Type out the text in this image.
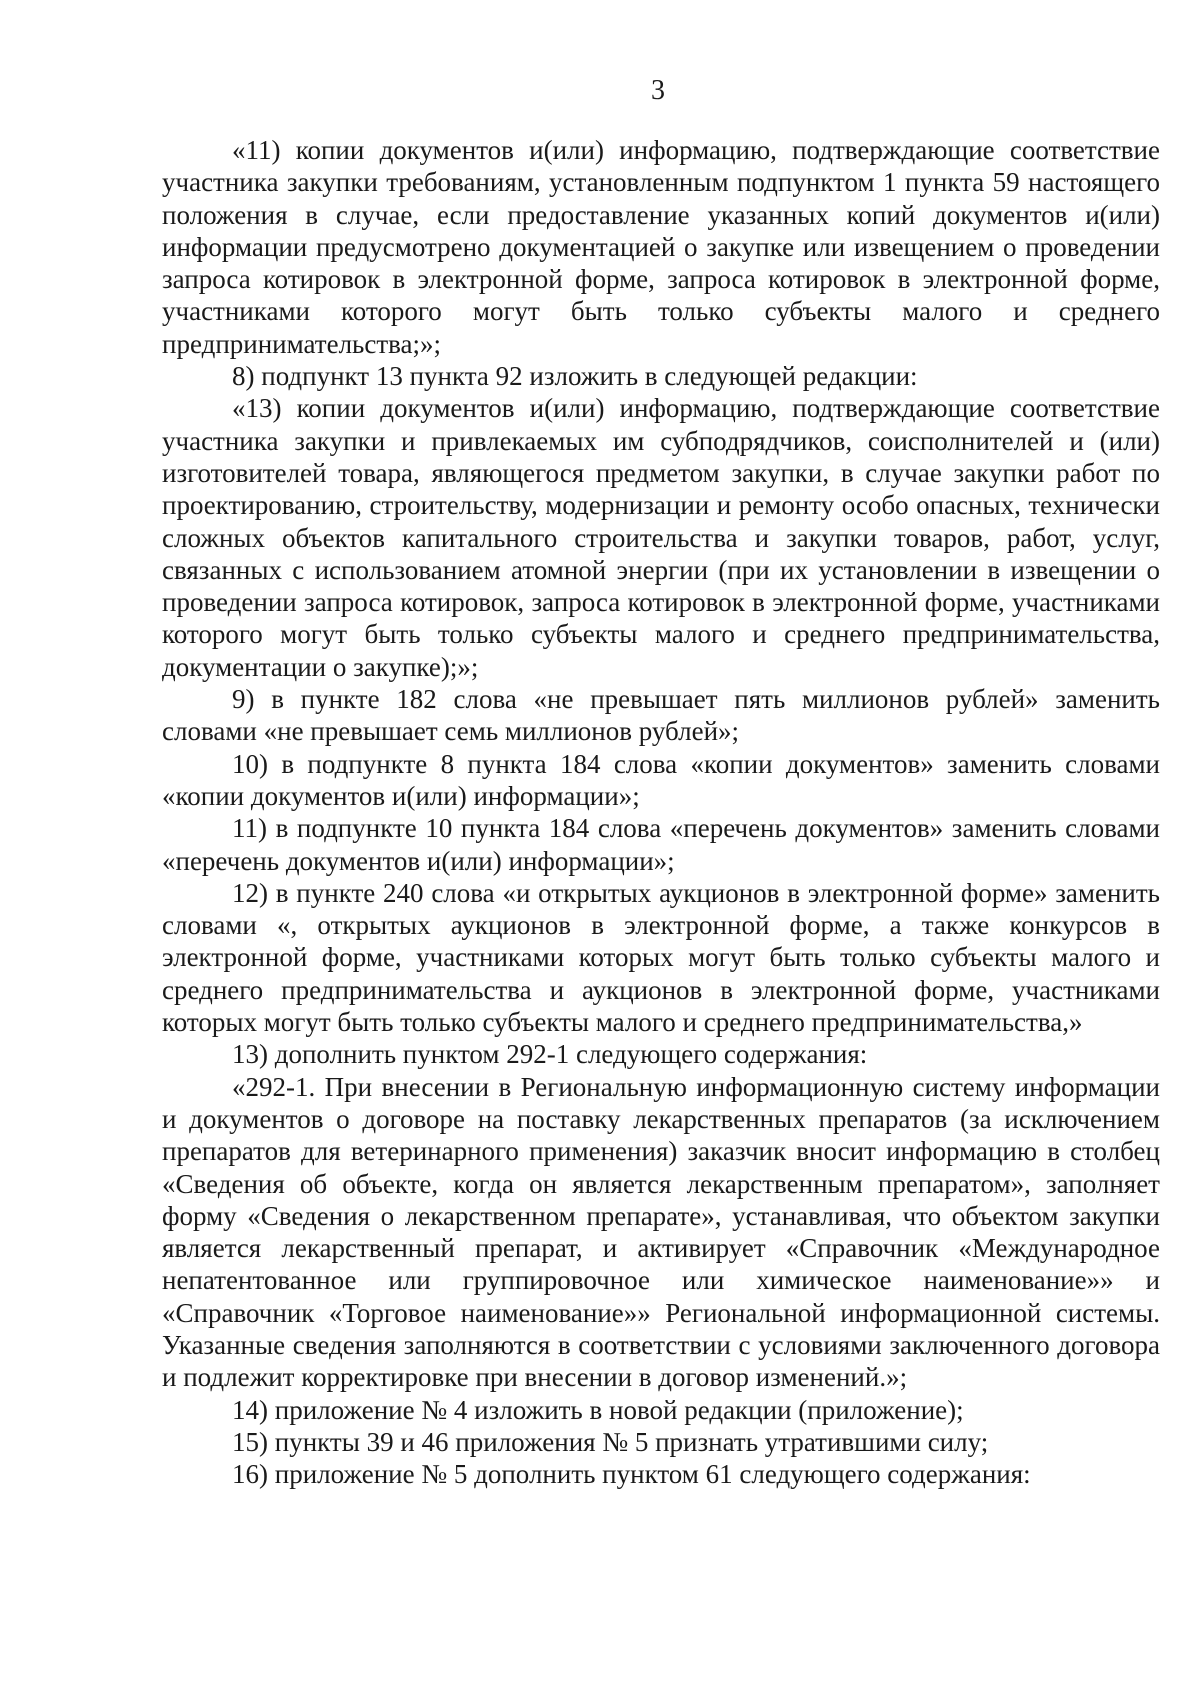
3

«11) копии документов и(или) информацию, подтверждающие соответствие участника закупки требованиям, установленным подпунктом 1 пункта 59 настоящего положения в случае, если предоставление указанных копий документов и(или) информации предусмотрено документацией о закупке или извещением о проведении запроса котировок в электронной форме, запроса котировок в электронной форме, участниками которого могут быть только субъекты малого и среднего предпринимательства;»;

8) подпункт 13 пункта 92 изложить в следующей редакции:

«13) копии документов и(или) информацию, подтверждающие соответствие участника закупки и привлекаемых им субподрядчиков, соисполнителей и (или) изготовителей товара, являющегося предметом закупки, в случае закупки работ по проектированию, строительству, модернизации и ремонту особо опасных, технически сложных объектов капитального строительства и закупки товаров, работ, услуг, связанных с использованием атомной энергии (при их установлении в извещении о проведении запроса котировок, запроса котировок в электронной форме, участниками которого могут быть только субъекты малого и среднего предпринимательства, документации о закупке);»;

9) в пункте 182 слова «не превышает пять миллионов рублей» заменить словами «не превышает семь миллионов рублей»;

10) в подпункте 8 пункта 184 слова «копии документов» заменить словами «копии документов и(или) информации»;

11) в подпункте 10 пункта 184 слова «перечень документов» заменить словами «перечень документов и(или) информации»;

12) в пункте 240 слова «и открытых аукционов в электронной форме» заменить словами «, открытых аукционов в электронной форме, а также конкурсов в электронной форме, участниками которых могут быть только субъекты малого и среднего предпринимательства и аукционов в электронной форме, участниками которых могут быть только субъекты малого и среднего предпринимательства,»

13) дополнить пунктом 292-1 следующего содержания:

«292-1. При внесении в Региональную информационную систему информации и документов о договоре на поставку лекарственных препаратов (за исключением препаратов для ветеринарного применения) заказчик вносит информацию в столбец «Сведения об объекте, когда он является лекарственным препаратом», заполняет форму «Сведения о лекарственном препарате», устанавливая, что объектом закупки является лекарственный препарат, и активирует «Справочник «Международное непатентованное или группировочное или химическое наименование»» и «Справочник «Торговое наименование»» Региональной информационной системы. Указанные сведения заполняются в соответствии с условиями заключенного договора и подлежит корректировке при внесении в договор изменений.»;

14) приложение № 4 изложить в новой редакции (приложение);

15) пункты 39 и 46 приложения № 5 признать утратившими силу;

16) приложение № 5 дополнить пунктом 61 следующего содержания:
